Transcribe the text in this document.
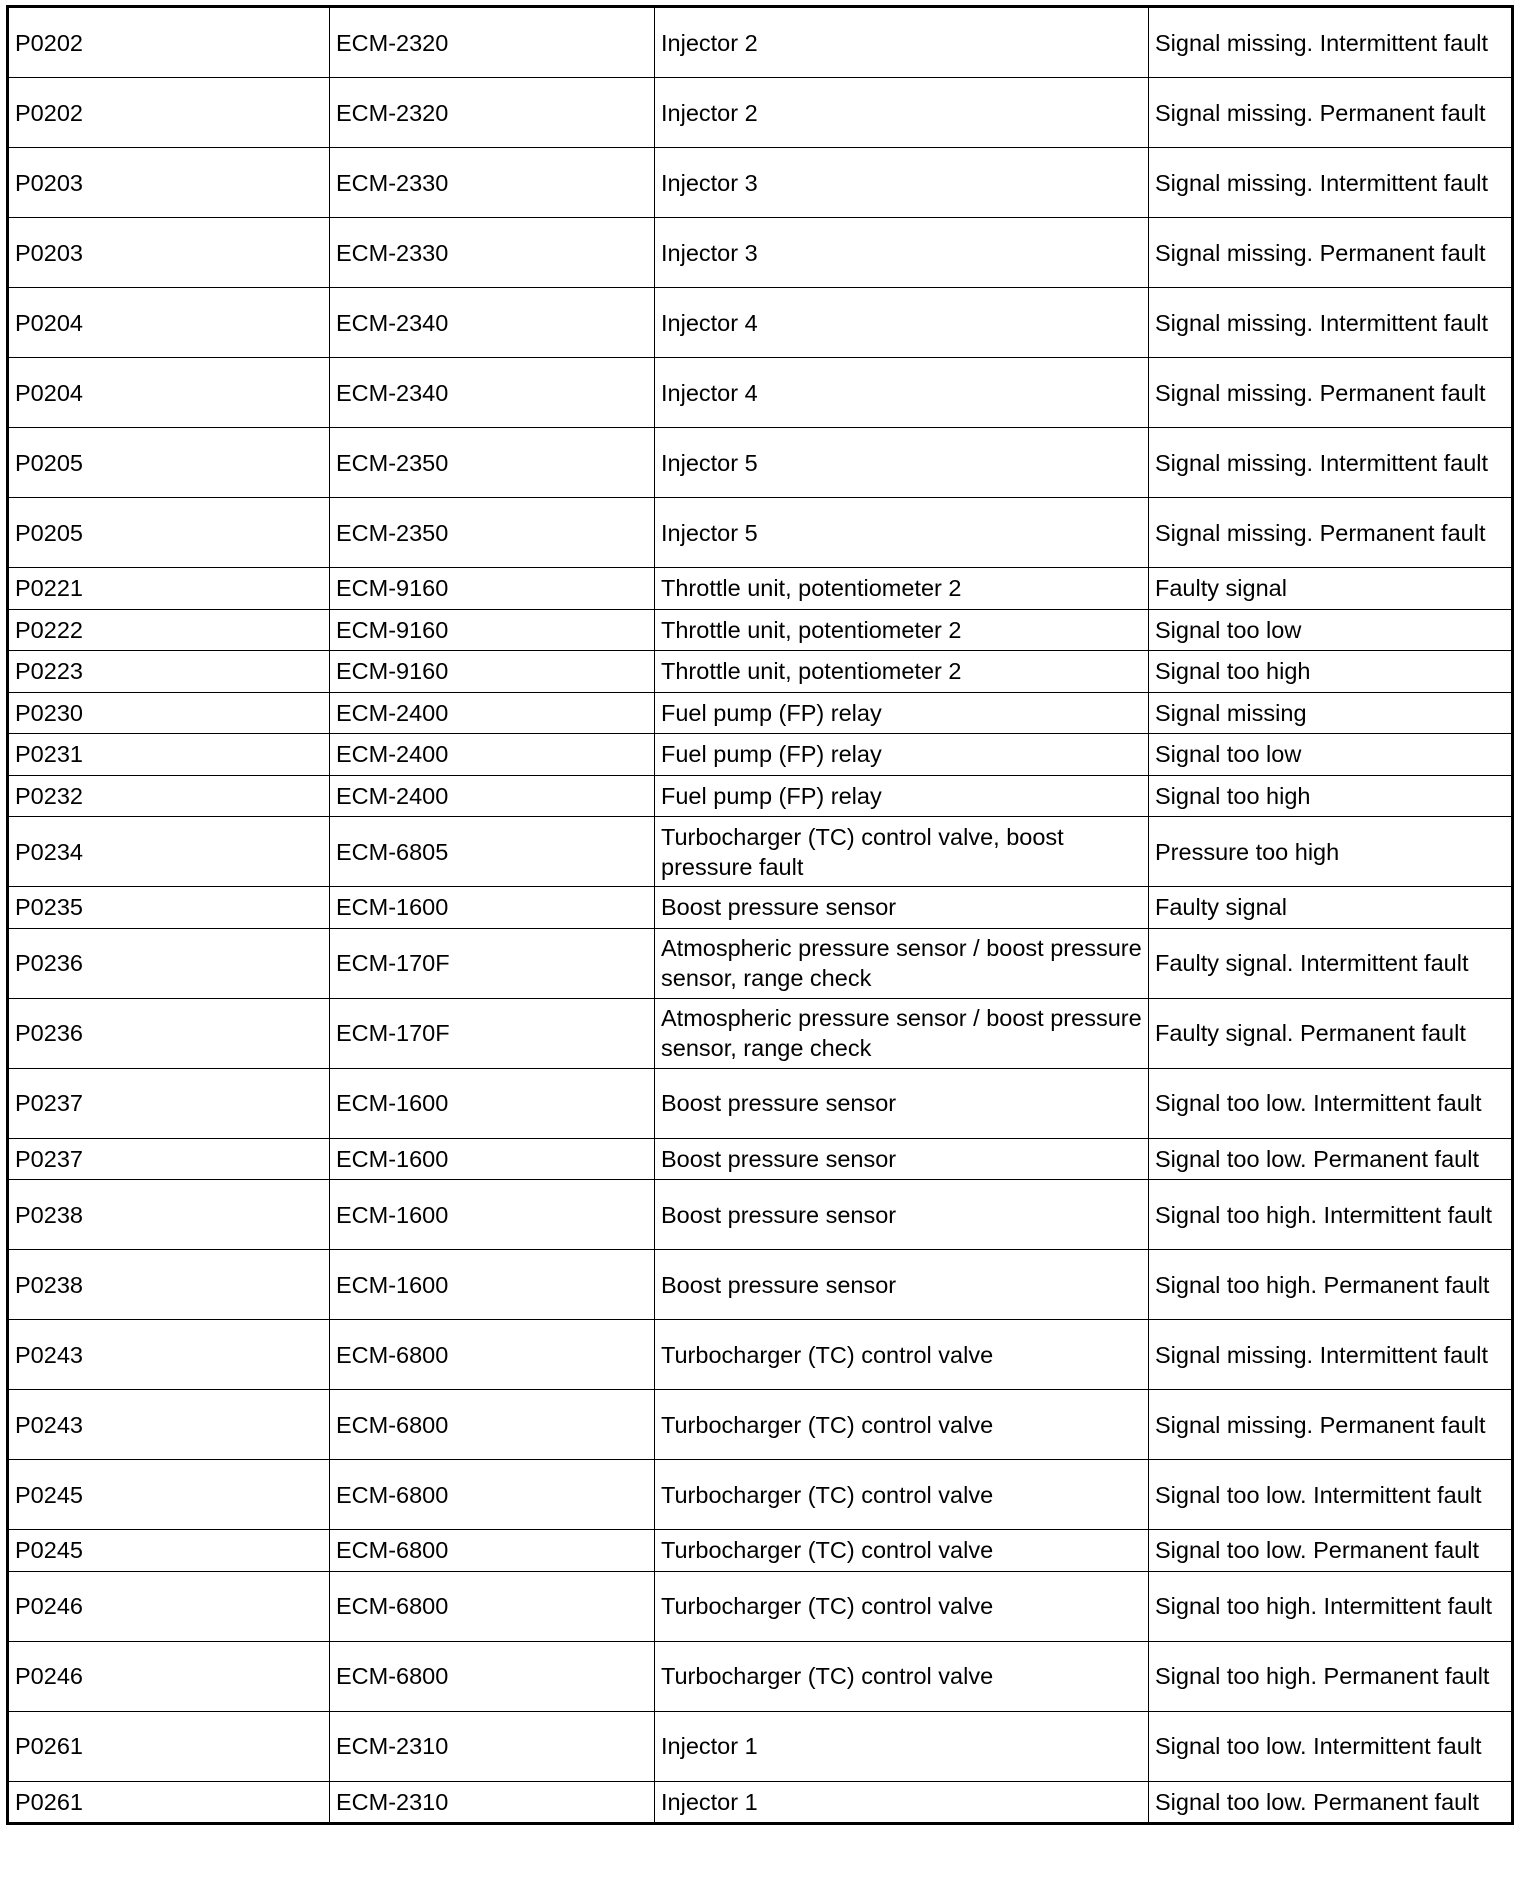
P0202	ECM-2320	Injector 2	Signal missing. Intermittent fault
P0202	ECM-2320	Injector 2	Signal missing. Permanent fault
P0203	ECM-2330	Injector 3	Signal missing. Intermittent fault
P0203	ECM-2330	Injector 3	Signal missing. Permanent fault
P0204	ECM-2340	Injector 4	Signal missing. Intermittent fault
P0204	ECM-2340	Injector 4	Signal missing. Permanent fault
P0205	ECM-2350	Injector 5	Signal missing. Intermittent fault
P0205	ECM-2350	Injector 5	Signal missing. Permanent fault
P0221	ECM-9160	Throttle unit, potentiometer 2	Faulty signal
P0222	ECM-9160	Throttle unit, potentiometer 2	Signal too low
P0223	ECM-9160	Throttle unit, potentiometer 2	Signal too high
P0230	ECM-2400	Fuel pump (FP) relay	Signal missing
P0231	ECM-2400	Fuel pump (FP) relay	Signal too low
P0232	ECM-2400	Fuel pump (FP) relay	Signal too high
P0234	ECM-6805	Turbocharger (TC) control valve, boost pressure fault	Pressure too high
P0235	ECM-1600	Boost pressure sensor	Faulty signal
P0236	ECM-170F	Atmospheric pressure sensor / boost pressure sensor, range check	Faulty signal. Intermittent fault
P0236	ECM-170F	Atmospheric pressure sensor / boost pressure sensor, range check	Faulty signal. Permanent fault
P0237	ECM-1600	Boost pressure sensor	Signal too low. Intermittent fault
P0237	ECM-1600	Boost pressure sensor	Signal too low. Permanent fault
P0238	ECM-1600	Boost pressure sensor	Signal too high. Intermittent fault
P0238	ECM-1600	Boost pressure sensor	Signal too high. Permanent fault
P0243	ECM-6800	Turbocharger (TC) control valve	Signal missing. Intermittent fault
P0243	ECM-6800	Turbocharger (TC) control valve	Signal missing. Permanent fault
P0245	ECM-6800	Turbocharger (TC) control valve	Signal too low. Intermittent fault
P0245	ECM-6800	Turbocharger (TC) control valve	Signal too low. Permanent fault
P0246	ECM-6800	Turbocharger (TC) control valve	Signal too high. Intermittent fault
P0246	ECM-6800	Turbocharger (TC) control valve	Signal too high. Permanent fault
P0261	ECM-2310	Injector 1	Signal too low. Intermittent fault
P0261	ECM-2310	Injector 1	Signal too low. Permanent fault
